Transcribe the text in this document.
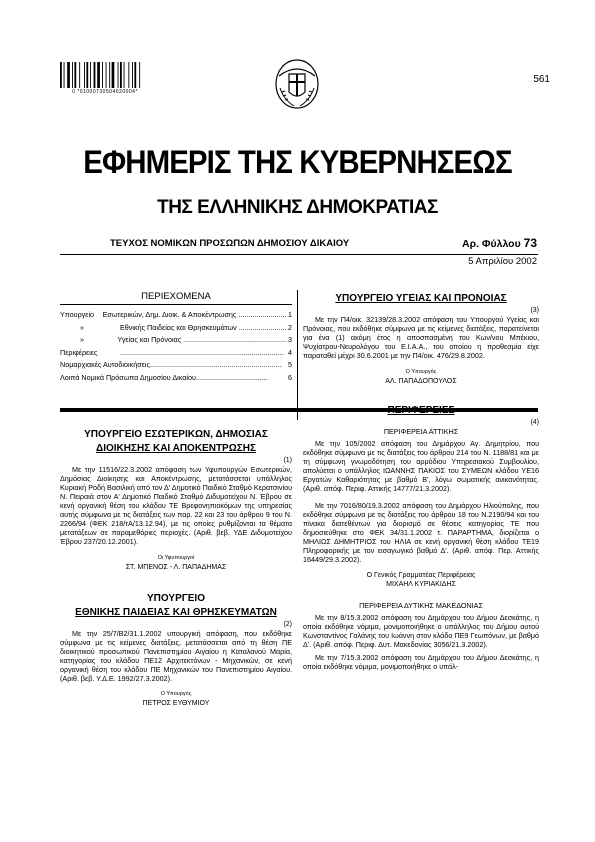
0 *01000730504020004*
561
ΕΦΗΜΕΡΙΣ ΤΗΣ ΚΥΒΕΡΝΗΣΕΩΣ
ΤΗΣ ΕΛΛΗΝΙΚΗΣ ΔΗΜΟΚΡΑΤΙΑΣ
ΤΕΥΧΟΣ ΝΟΜΙΚΩΝ ΠΡΟΣΩΠΩΝ ΔΗΜΟΣΙΟΥ ΔΙΚΑΙΟΥ	Αρ. Φύλλου 73
5 Απριλίου 2002
ΠΕΡΙΕΧΟΜΕΝΑ
Υπουργείο	Εσωτερικών, Δημ. Διοικ. & Αποκέντρωσης ........................ 1
»	Εθνικής Παιδείας και Θρησκευμάτων ........................ 2
»	Υγείας και Πρόνοιας .................................................... 3
Περιφέρειες	.................................................................................. 4
Νομαρχιακές Αυτοδιοικήσεις .................................................................. 5
Λοιπά Νομικά Πρόσωπα Δημοσίου Δικαίου ....................................	6
ΥΠΟΥΡΓΕΙΟ ΕΣΩΤΕΡΙΚΩΝ, ΔΗΜΟΣΙΑΣ
ΔΙΟΙΚΗΣΗΣ ΚΑΙ ΑΠΟΚΕΝΤΡΩΣΗΣ
(1)
Με την 11516/22.3.2002 απόφαση των Υφυπουργών Εσωτερικών, Δημόσιας Διοίκησης και Αποκέντρωσης, μετατάσσεται υπάλληλος Κυριακή Ροδή Βασιλική από τον Δ' Δημοτικό Παιδικό Σταθμό Κερατσινίου Ν. Πειραιά στον Α' Δημοτικό Παιδικό Σταθμό Διδυμοτείχου Ν. Έβρου σε κενή οργανική θέση του κλάδου ΤΕ Βρεφονηπιοκόμων της υπηρεσίας αυτής σύμφωνα με τις διατάξεις των παρ. 22 και 23 του άρθρου 9 του Ν. 2266/94 (ΦΕΚ 218/τΑ/13.12.94), με τις οποίες ρυθμίζονται τα θέματα μετατάξεων σε παραμεθόριες περιοχές. (Αριθ. βεβ. ΥΔΕ Διδυμοτείχου Έβρου 237/20.12.2001).
Οι Υφυπουργοί
ΣΤ. ΜΠΕΝΟΣ - Λ. ΠΑΠΑΔΗΜΑΣ
ΥΠΟΥΡΓΕΙΟ
ΕΘΝΙΚΗΣ ΠΑΙΔΕΙΑΣ ΚΑΙ ΘΡΗΣΚΕΥΜΑΤΩΝ
(2)
Με την 25/7/Β2/31.1.2002 υπουργική απόφαση, που εκδόθηκε σύμφωνα με τις κείμενες διατάξεις, μετατάσσεται από τη θέση ΠΕ διοικητικού προσωπικού Πανεπιστημίου Αιγαίου η Καταλανού Μαρία, κατηγορίας του κλάδου ΠΕ12 Αρχιτεκτόνων - Μηχανικών, σε κενή οργανική θέση του κλάδου ΠΕ Μηχανικών του Πανεπιστημίου Αιγαίου. (Αριθ. βεβ. Υ.Δ.Ε. 1992/27.3.2002).
Ο Υπουργός
ΠΕΤΡΟΣ ΕΥΘΥΜΙΟΥ
ΥΠΟΥΡΓΕΙΟ ΥΓΕΙΑΣ ΚΑΙ ΠΡΟΝΟΙΑΣ
(3)
Με την Π4/οικ. 32139/28.3.2002 απόφαση του Υπουργού Υγείας και Πρόνοιας, που εκδόθηκε σύμφωνα με τις κείμενες διατάξεις, παρατείνεται για ένα (1) ακόμη έτος η αποσπασμένη του Κων/νου Μπέκιου, Ψυχίατρου-Νευρολόγου του Ε.Ι.Α.Α., του οποίου η προθεσμία είχε παραταθεί μέχρι 30.6.2001 με την Π4/οικ. 476/29.8.2002.
Ο Υπουργός
ΑΛ. ΠΑΠΑΔΟΠΟΥΛΟΣ
ΠΕΡΙΦΕΡΕΙΕΣ
(4)
ΠΕΡΙΦΕΡΕΙΑ ΑΤΤΙΚΗΣ
Με την 105/2002 απόφαση του Δημάρχου Αγ. Δημητρίου, που εκδόθηκε σύμφωνα με τις διατάξεις του άρθρου 214 του Ν. 1188/81 και με τη σύμφωνη γνωμοδότηση του αρμόδιου Υπηρεσιακού Συμβουλίου, απολύεται ο υπάλληλος ΙΩΑΝΝΗΣ ΠΑΚΙΟΣ του ΣΥΜΕΩΝ κλάδου ΥΕ16 Εργατών Καθαριότητας με βαθμό Β', λόγω σωματικής ανικανότητας. (Αριθ. απόφ. Περιφ. Αττικής 14777/21.3.2002).
Με την 7016/80/19.3.2002 απόφαση του Δημάρχου Ηλιούπολης, που εκδόθηκε σύμφωνα με τις διατάξεις του άρθρου 18 του Ν.2190/94 και του πίνακα διατεθέντων για διορισμό σε θέσεις κατηγορίας ΤΕ που δημοσιεύθηκε στο ΦΕΚ 34/31.1.2002 τ. ΠΑΡΑΡΤΗΜΑ, διορίζεται ο ΜΗΛΙΩΣ ΔΗΜΗΤΡΙΟΣ του ΗΛΙΑ σε κενή οργανική θέση κλάδου ΤΕ19 Πληροφορικής με τον εισαγωγικό βαθμό Δ'. (Αριθ. απόφ. Περ. Αττικής 16449/29.3.2002).
Ο Γενικός Γραμματέας Περιφέρειας
ΜΙΧΑΗΛ ΚΥΡΙΑΚΙΔΗΣ
ΠΕΡΙΦΕΡΕΙΑ ΔΥΤΙΚΗΣ ΜΑΚΕΔΟΝΙΑΣ
Με την 8/15.3.2002 απόφαση του Δημάρχου του Δήμου Δεσκάτης, η οποία εκδόθηκε νόμιμα, μονιμοποιήθηκε ο υπάλληλος του Δήμου αυτού Κωνσταντίνος Γαλάνης του Ιωάννη στον κλάδο ΠΕ9 Γεωπόνων, με βαθμό Δ'. (Αριθ. απόφ. Περιφ. Δυτ. Μακεδονίας 3056/21.3.2002).
Με την 7/15.3.2002 απόφαση του Δημάρχου του Δήμου Δεσκάτης, η οποία εκδόθηκε νόμιμα, μονιμοποιήθηκε ο υπάλ-
